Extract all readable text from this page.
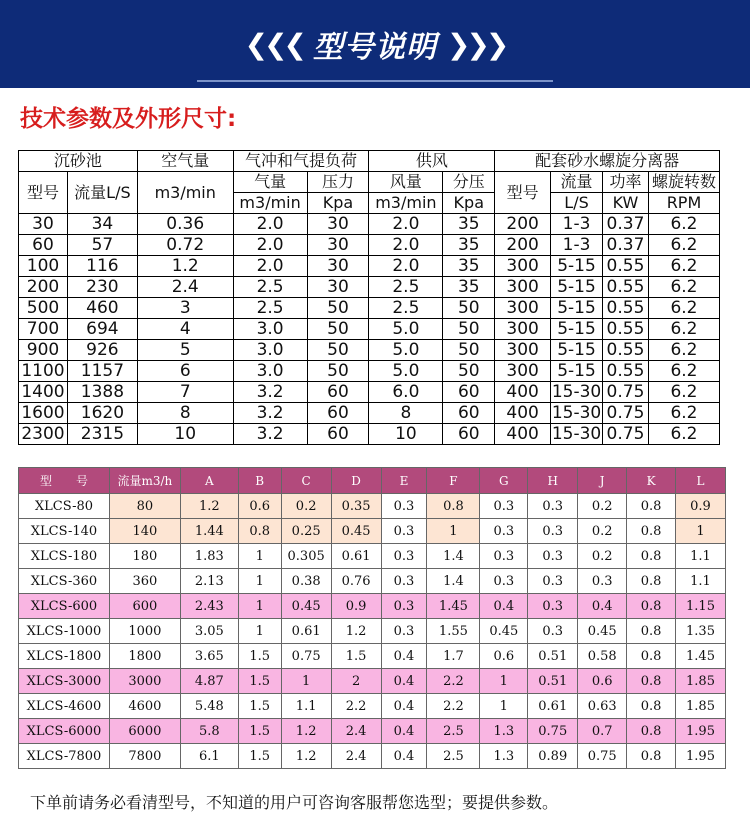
❮❮❮ 型号说明 ❯❯❯
技术参数及外形尺寸:
沉砂池		空气量	气冲和气提负荷		供风		配套砂水螺旋分离器			
型号	流量L/S	m3/min	气量	压力	风量	分压	型号	流量	功率	螺旋转数
			m3/min	Kpa	m3/min	Kpa		L/S	KW	RPM
30	34	0.36	2.0	30	2.0	35	200	1-3	0.37	6.2
60	57	0.72	2.0	30	2.0	35	200	1-3	0.37	6.2
100	116	1.2	2.0	30	2.0	35	300	5-15	0.55	6.2
200	230	2.4	2.5	30	2.5	35	300	5-15	0.55	6.2
500	460	3	2.5	50	2.5	50	300	5-15	0.55	6.2
700	694	4	3.0	50	5.0	50	300	5-15	0.55	6.2
900	926	5	3.0	50	5.0	50	300	5-15	0.55	6.2
1100	1157	6	3.0	50	5.0	50	300	5-15	0.55	6.2
1400	1388	7	3.2	60	6.0	60	400	15-30	0.75	6.2
1600	1620	8	3.2	60	8	60	400	15-30	0.75	6.2
2300	2315	10	3.2	60	10	60	400	15-30	0.75	6.2
型　　号	流量m3/h	A	B	C	D	E	F	G	H	J	K	L
XLCS-80	80	1.2	0.6	0.2	0.35	0.3	0.8	0.3	0.3	0.2	0.8	0.9
XLCS-140	140	1.44	0.8	0.25	0.45	0.3	1	0.3	0.3	0.2	0.8	1
XLCS-180	180	1.83	1	0.305	0.61	0.3	1.4	0.3	0.3	0.2	0.8	1.1
XLCS-360	360	2.13	1	0.38	0.76	0.3	1.4	0.3	0.3	0.3	0.8	1.1
XLCS-600	600	2.43	1	0.45	0.9	0.3	1.45	0.4	0.3	0.4	0.8	1.15
XLCS-1000	1000	3.05	1	0.61	1.2	0.3	1.55	0.45	0.3	0.45	0.8	1.35
XLCS-1800	1800	3.65	1.5	0.75	1.5	0.4	1.7	0.6	0.51	0.58	0.8	1.45
XLCS-3000	3000	4.87	1.5	1	2	0.4	2.2	1	0.51	0.6	0.8	1.85
XLCS-4600	4600	5.48	1.5	1.1	2.2	0.4	2.2	1	0.61	0.63	0.8	1.85
XLCS-6000	6000	5.8	1.5	1.2	2.4	0.4	2.5	1.3	0.75	0.7	0.8	1.95
XLCS-7800	7800	6.1	1.5	1.2	2.4	0.4	2.5	1.3	0.89	0.75	0.8	1.95
下单前请务必看清型号，不知道的用户可咨询客服帮您选型；要提供参数。
